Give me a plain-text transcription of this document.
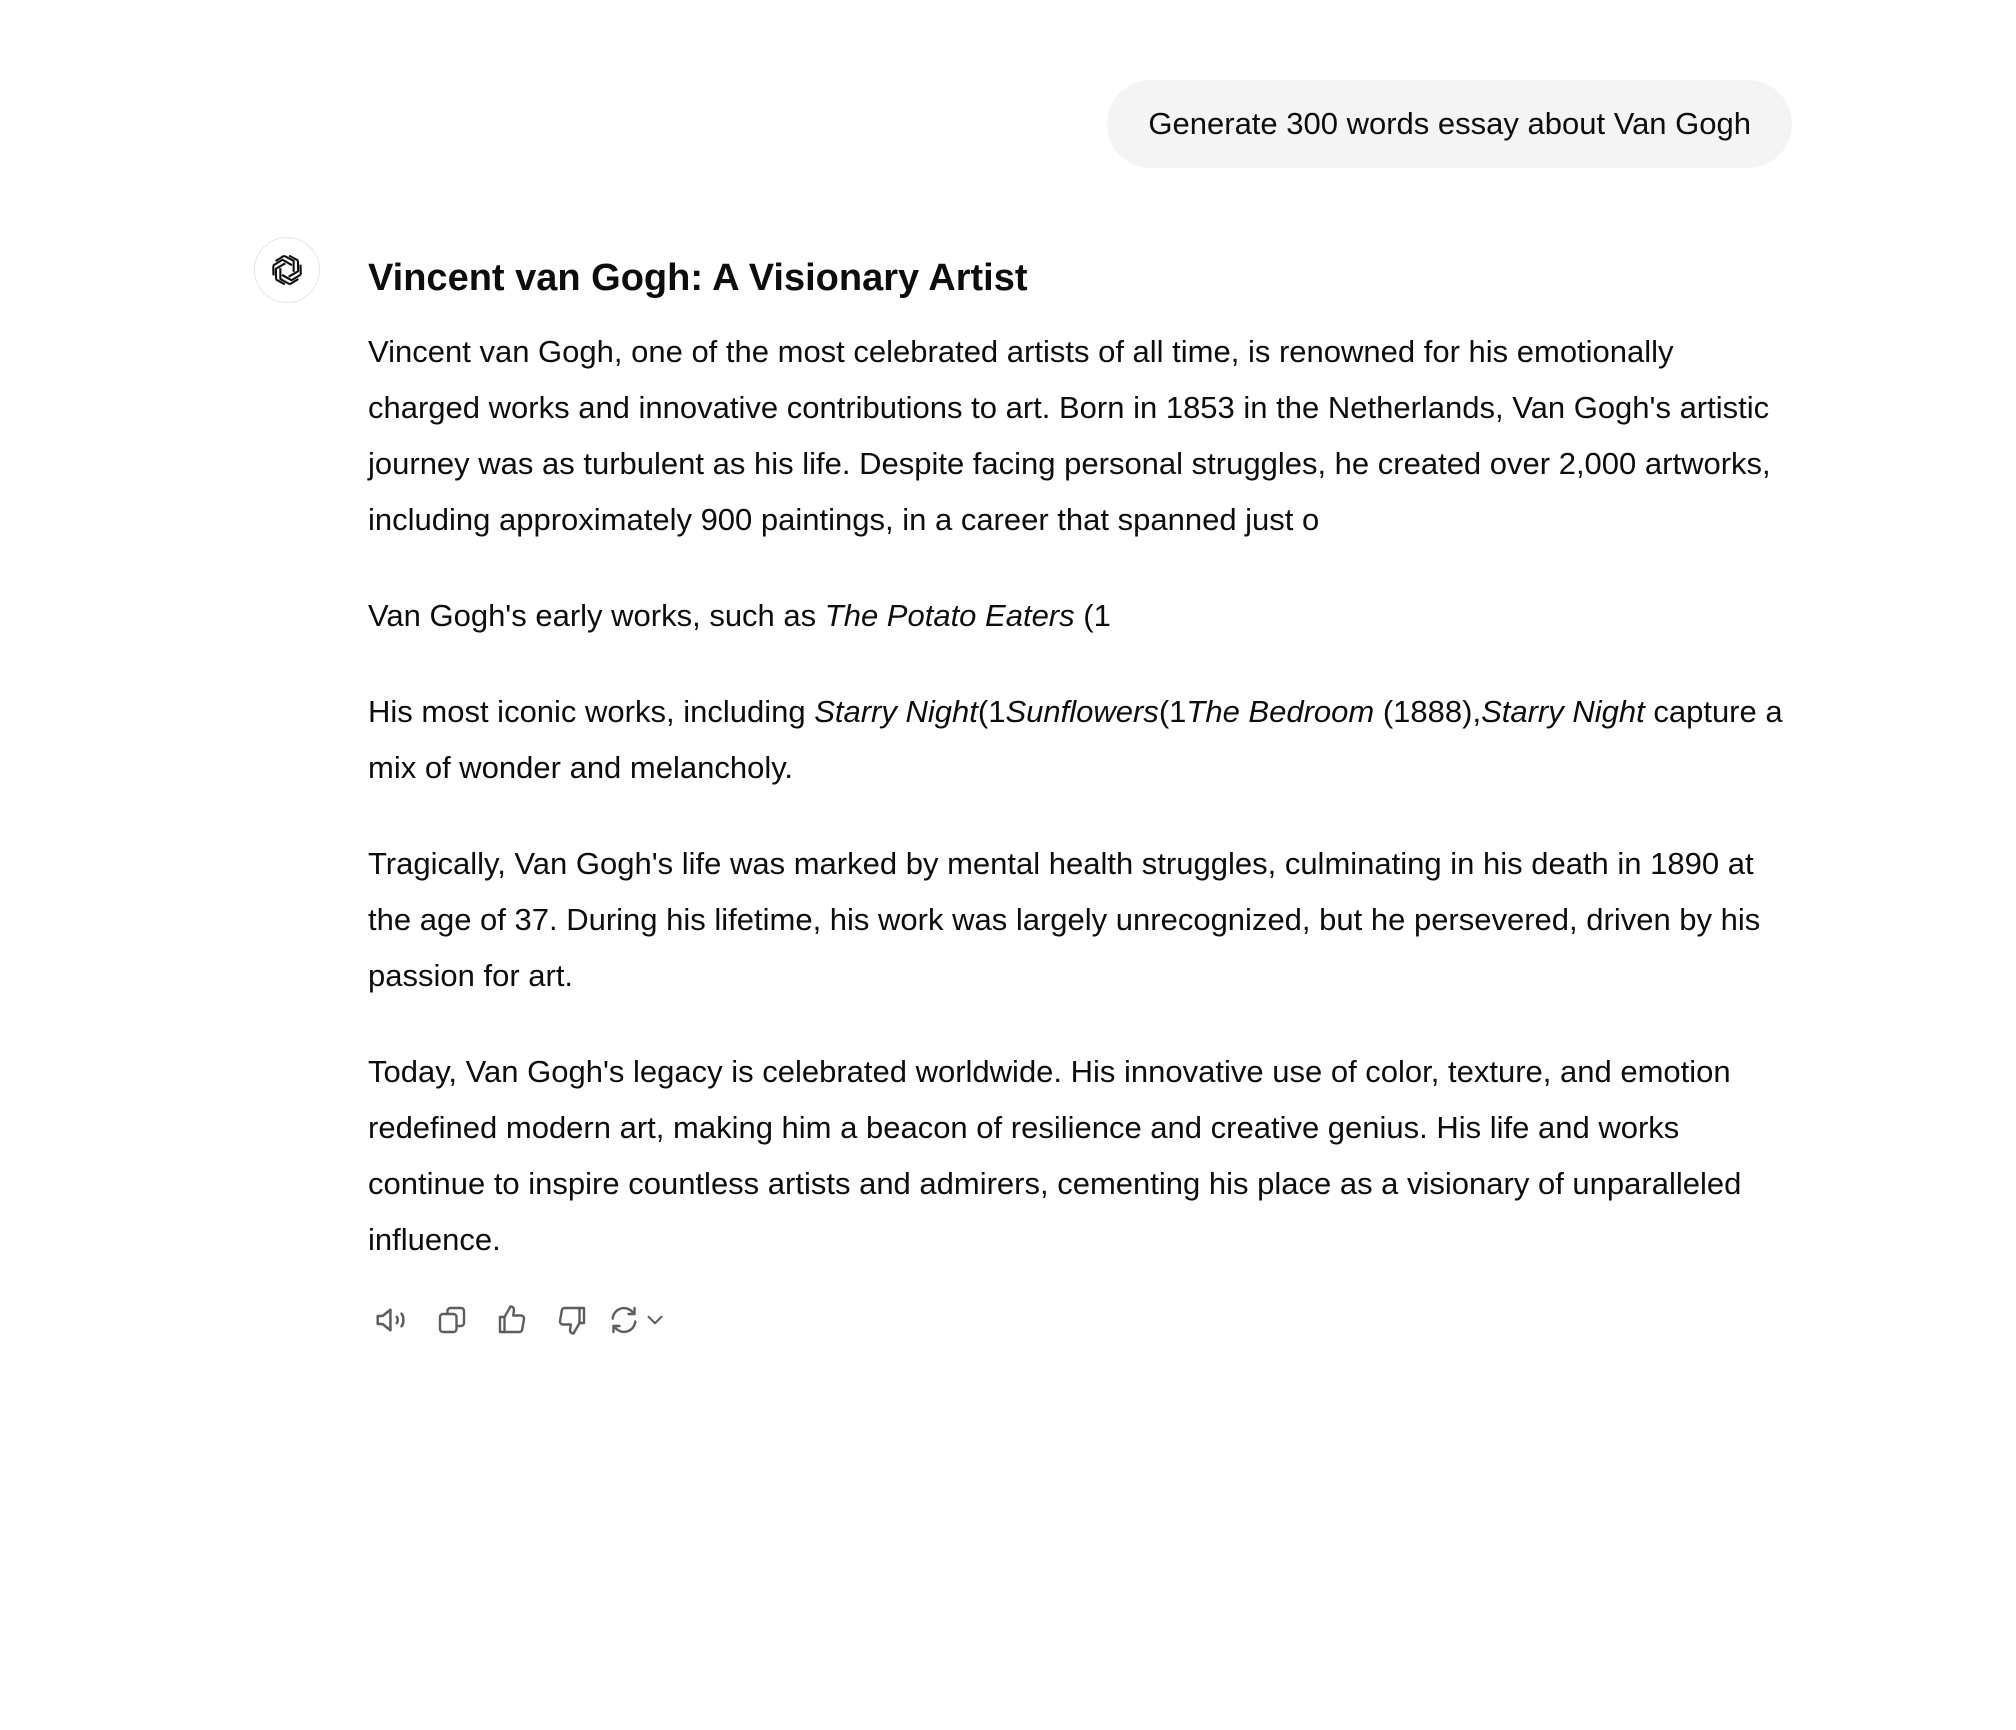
Generate 300 words essay about Van Gogh
Vincent van Gogh: A Visionary Artist

Vincent van Gogh, one of the most celebrated artists of all time, is renowned for his emotionally charged works and innovative contributions to art. Born in 1853 in the Netherlands, Van Gogh's artistic journey was as turbulent as his life. Despite facing personal struggles, he created over 2,000 artworks, including approximately 900 paintings, in a career that spanned just o

Van Gogh's early works, such as The Potato Eaters (1

His most iconic works, including Starry Night(1Sunflowers(1The Bedroom (1888),Starry Night capture a mix of wonder and melancholy.

Tragically, Van Gogh's life was marked by mental health struggles, culminating in his death in 1890 at the age of 37. During his lifetime, his work was largely unrecognized, but he persevered, driven by his passion for art.

Today, Van Gogh's legacy is celebrated worldwide. His innovative use of color, texture, and emotion redefined modern art, making him a beacon of resilience and creative genius. His life and works continue to inspire countless artists and admirers, cementing his place as a visionary of unparalleled influence.
